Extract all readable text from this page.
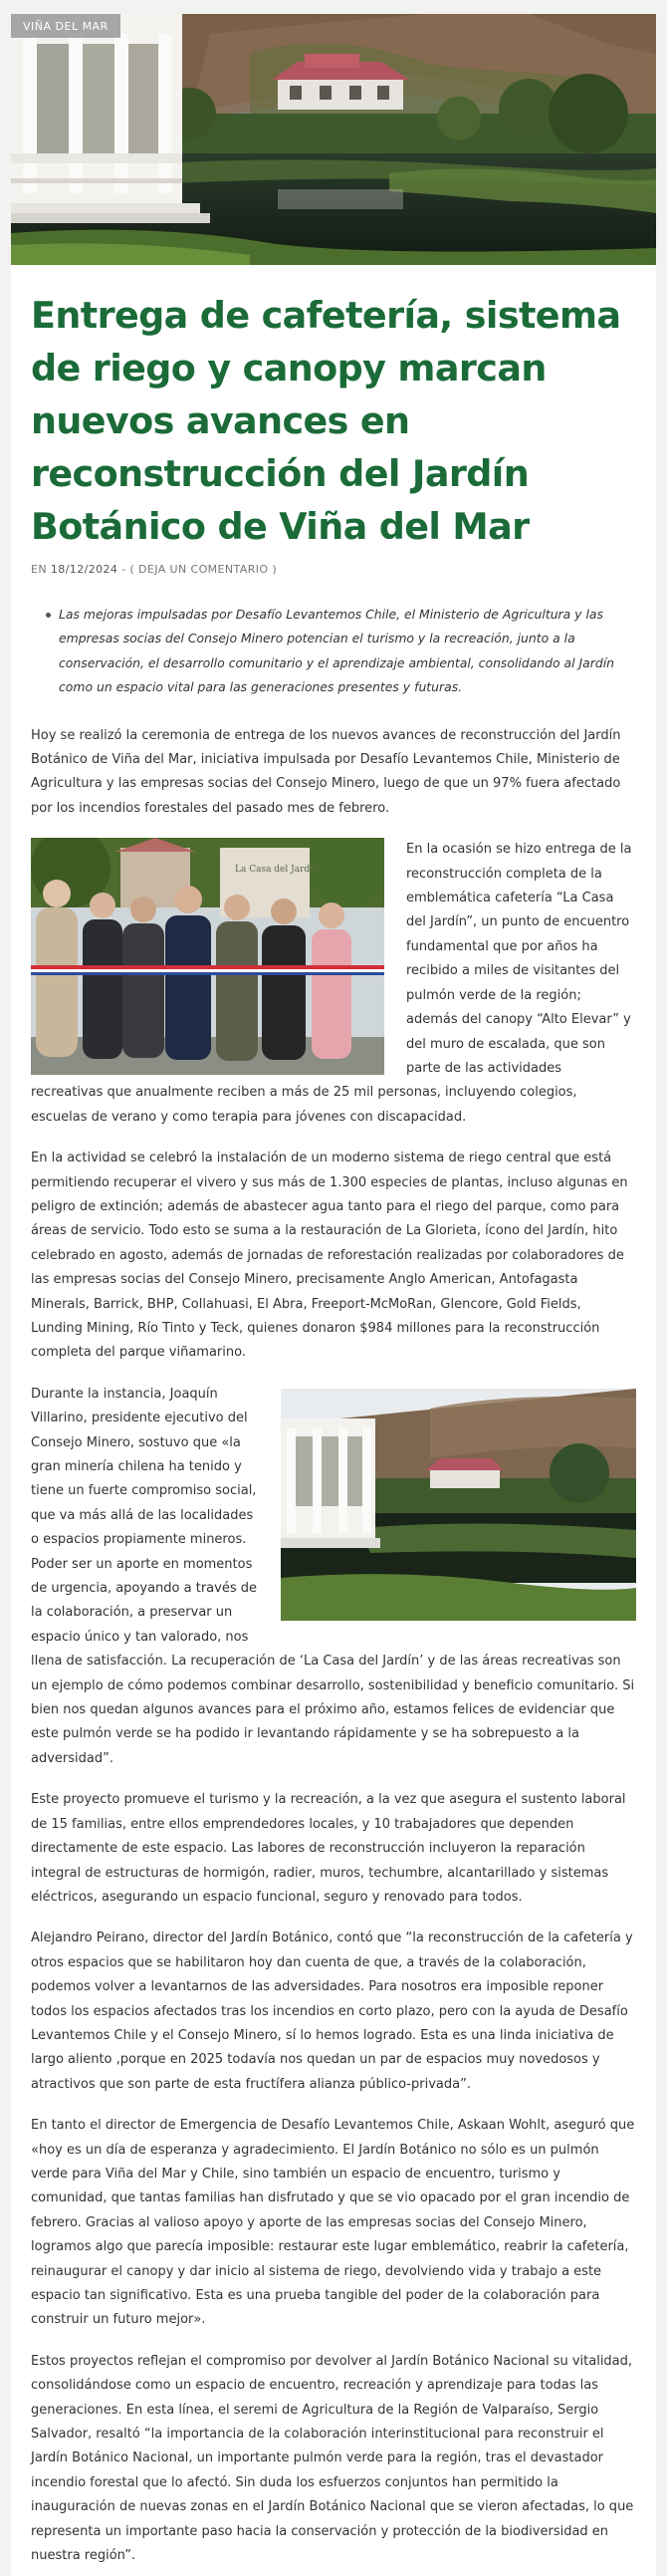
VIÑA DEL MAR
Entrega de cafetería, sistema de riego y canopy marcan nuevos avances en reconstrucción del Jardín Botánico de Viña del Mar
EN 18/12/2024 - ( DEJA UN COMENTARIO )
Las mejoras impulsadas por Desafío Levantemos Chile, el Ministerio de Agricultura y las empresas socias del Consejo Minero potencian el turismo y la recreación, junto a la conservación, el desarrollo comunitario y el aprendizaje ambiental, consolidando al Jardín como un espacio vital para las generaciones presentes y futuras.

Hoy se realizó la ceremonia de entrega de los nuevos avances de reconstrucción del Jardín Botánico de Viña del Mar, iniciativa impulsada por Desafío Levantemos Chile, Ministerio de Agricultura y las empresas socias del Consejo Minero, luego de que un 97% fuera afectado por los incendios forestales del pasado mes de febrero.

La Casa del Jardín
En la ocasión se hizo entrega de la reconstrucción completa de la emblemática cafetería “La Casa del Jardín”, un punto de encuentro fundamental que por años ha recibido a miles de visitantes del pulmón verde de la región; además del canopy “Alto Elevar” y del muro de escalada, que son parte de las actividades recreativas que anualmente reciben a más de 25 mil personas, incluyendo colegios, escuelas de verano y como terapia para jóvenes con discapacidad.

En la actividad se celebró la instalación de un moderno sistema de riego central que está permitiendo recuperar el vivero y sus más de 1.300 especies de plantas, incluso algunas en peligro de extinción; además de abastecer agua tanto para el riego del parque, como para áreas de servicio. Todo esto se suma a la restauración de La Glorieta, ícono del Jardín, hito celebrado en agosto, además de jornadas de reforestación realizadas por colaboradores de las empresas socias del Consejo Minero, precisamente Anglo American, Antofagasta Minerals, Barrick, BHP, Collahuasi, El Abra, Freeport-McMoRan, Glencore, Gold Fields, Lunding Mining, Río Tinto y Teck, quienes donaron $984 millones para la reconstrucción completa del parque viñamarino.

Durante la instancia, Joaquín Villarino, presidente ejecutivo del Consejo Minero, sostuvo que «la gran minería chilena ha tenido y tiene un fuerte compromiso social, que va más allá de las localidades o espacios propiamente mineros. Poder ser un aporte en momentos de urgencia, apoyando a través de la colaboración, a preservar un espacio único y tan valorado, nos llena de satisfacción. La recuperación de ‘La Casa del Jardín’ y de las áreas recreativas son un ejemplo de cómo podemos combinar desarrollo, sostenibilidad y beneficio comunitario. Si bien nos quedan algunos avances para el próximo año, estamos felices de evidenciar que este pulmón verde se ha podido ir levantando rápidamente y se ha sobrepuesto a la adversidad”.

Este proyecto promueve el turismo y la recreación, a la vez que asegura el sustento laboral de 15 familias, entre ellos emprendedores locales, y 10 trabajadores que dependen directamente de este espacio. Las labores de reconstrucción incluyeron la reparación integral de estructuras de hormigón, radier, muros, techumbre, alcantarillado y sistemas eléctricos, asegurando un espacio funcional, seguro y renovado para todos.

Alejandro Peirano, director del Jardín Botánico, contó que “la reconstrucción de la cafetería y otros espacios que se habilitaron hoy dan cuenta de que, a través de la colaboración, podemos volver a levantarnos de las adversidades. Para nosotros era imposible reponer todos los espacios afectados tras los incendios en corto plazo, pero con la ayuda de Desafío Levantemos Chile y el Consejo Minero, sí lo hemos logrado. Esta es una linda iniciativa de largo aliento ,porque en 2025 todavía nos quedan un par de espacios muy novedosos y atractivos que son parte de esta fructífera alianza público-privada”.

En tanto el director de Emergencia de Desafío Levantemos Chile, Askaan Wohlt, aseguró que «hoy es un día de esperanza y agradecimiento. El Jardín Botánico no sólo es un pulmón verde para Viña del Mar y Chile, sino también un espacio de encuentro, turismo y comunidad, que tantas familias han disfrutado y que se vio opacado por el gran incendio de febrero. Gracias al valioso apoyo y aporte de las empresas socias del Consejo Minero, logramos algo que parecía imposible: restaurar este lugar emblemático, reabrir la cafetería, reinaugurar el canopy y dar inicio al sistema de riego, devolviendo vida y trabajo a este espacio tan significativo. Esta es una prueba tangible del poder de la colaboración para construir un futuro mejor».

Estos proyectos reflejan el compromiso por devolver al Jardín Botánico Nacional su vitalidad, consolidándose como un espacio de encuentro, recreación y aprendizaje para todas las generaciones. En esta línea, el seremi de Agricultura de la Región de Valparaíso, Sergio Salvador, resaltó “la importancia de la colaboración interinstitucional para reconstruir el Jardín Botánico Nacional, un importante pulmón verde para la región, tras el devastador incendio forestal que lo afectó. Sin duda los esfuerzos conjuntos han permitido la inauguración de nuevas zonas en el Jardín Botánico Nacional que se vieron afectadas, lo que representa un importante paso hacia la conservación y protección de la biodiversidad en nuestra región”.
